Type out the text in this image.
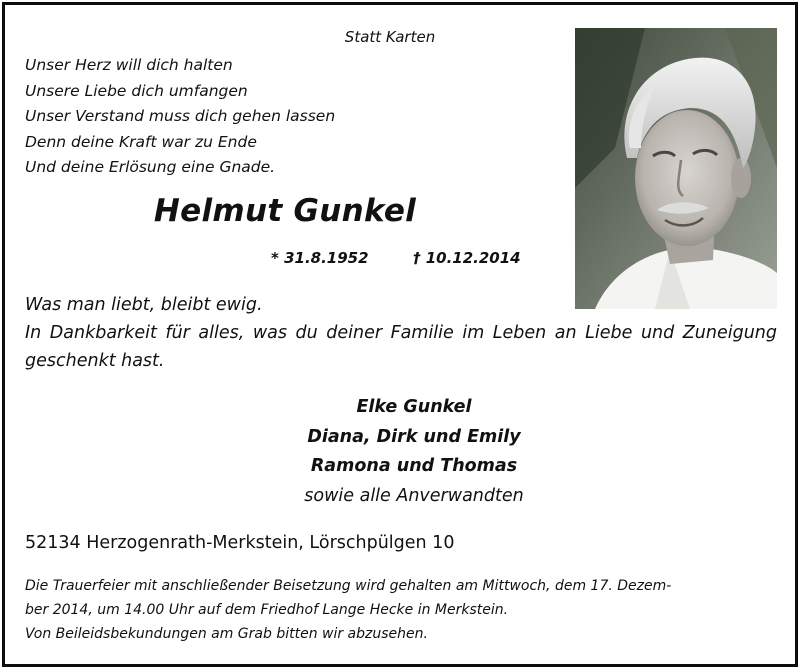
Statt Karten
Unser Herz will dich halten
Unsere Liebe dich umfangen
Unser Verstand muss dich gehen lassen
Denn deine Kraft war zu Ende
Und deine Erlösung eine Gnade.
Helmut Gunkel
* 31.8.1952	† 10.12.2014
Was man liebt, bleibt ewig.
In Dankbarkeit für alles, was du deiner Familie im Leben an Liebe und Zuneigung geschenkt hast.
Elke Gunkel
Diana, Dirk und Emily
Ramona und Thomas
sowie alle Anverwandten
52134 Herzogenrath-Merkstein, Lörschpülgen 10
Die Trauerfeier mit anschließender Beisetzung wird gehalten am Mittwoch, dem 17. Dezem-
ber 2014, um 14.00 Uhr auf dem Friedhof Lange Hecke in Merkstein.
Von Beileidsbekundungen am Grab bitten wir abzusehen.
